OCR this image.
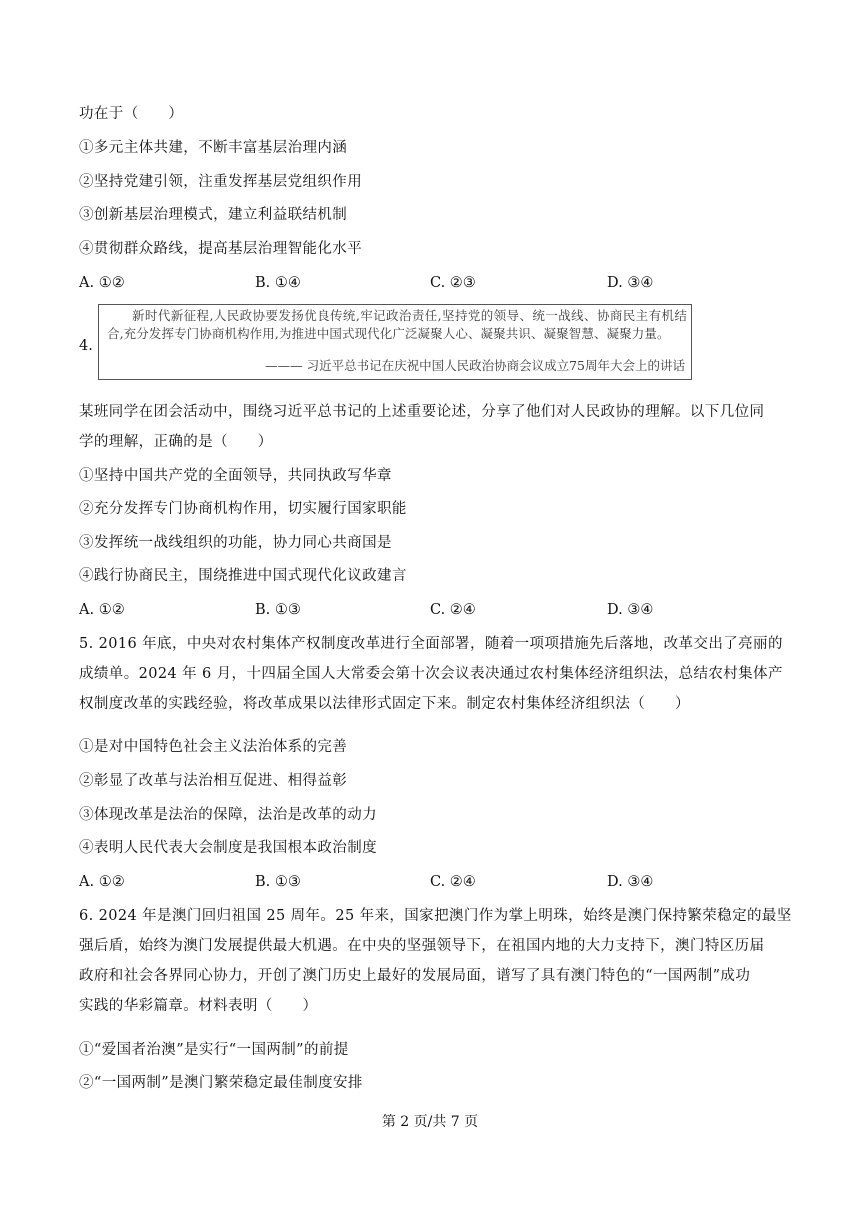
功在于（　　）
①多元主体共建，不断丰富基层治理内涵
②坚持党建引领，注重发挥基层党组织作用
③创新基层治理模式，建立利益联结机制
④贯彻群众路线，提高基层治理智能化水平
A. ①②	B. ①④	C. ②③	D. ③④
4.
新时代新征程,人民政协要发扬优良传统,牢记政治责任,坚持党的领导、统一战线、协商民主有机结合,充分发挥专门协商机构作用,为推进中国式现代化广泛凝聚人心、凝聚共识、凝聚智慧、凝聚力量。
——— 习近平总书记在庆祝中国人民政治协商会议成立75周年大会上的讲话
某班同学在团会活动中，围绕习近平总书记的上述重要论述，分享了他们对人民政协的理解。以下几位同
学的理解，正确的是（　　）
①坚持中国共产党的全面领导，共同执政写华章
②充分发挥专门协商机构作用，切实履行国家职能
③发挥统一战线组织的功能，协力同心共商国是
④践行协商民主，围绕推进中国式现代化议政建言
A. ①②	B. ①③	C. ②④	D. ③④
5. 2016 年底，中央对农村集体产权制度改革进行全面部署，随着一项项措施先后落地，改革交出了亮丽的
成绩单。2024 年 6 月，十四届全国人大常委会第十次会议表决通过农村集体经济组织法，总结农村集体产
权制度改革的实践经验，将改革成果以法律形式固定下来。制定农村集体经济组织法（　　）
①是对中国特色社会主义法治体系的完善
②彰显了改革与法治相互促进、相得益彰
③体现改革是法治的保障，法治是改革的动力
④表明人民代表大会制度是我国根本政治制度
A. ①②	B. ①③	C. ②④	D. ③④
6. 2024 年是澳门回归祖国 25 周年。25 年来，国家把澳门作为掌上明珠，始终是澳门保持繁荣稳定的最坚
强后盾，始终为澳门发展提供最大机遇。在中央的坚强领导下，在祖国内地的大力支持下，澳门特区历届
政府和社会各界同心协力，开创了澳门历史上最好的发展局面，谱写了具有澳门特色的“一国两制”成功
实践的华彩篇章。材料表明（　　）
①“爱国者治澳”是实行“一国两制”的前提
②“一国两制”是澳门繁荣稳定最佳制度安排
第 2 页/共 7 页
